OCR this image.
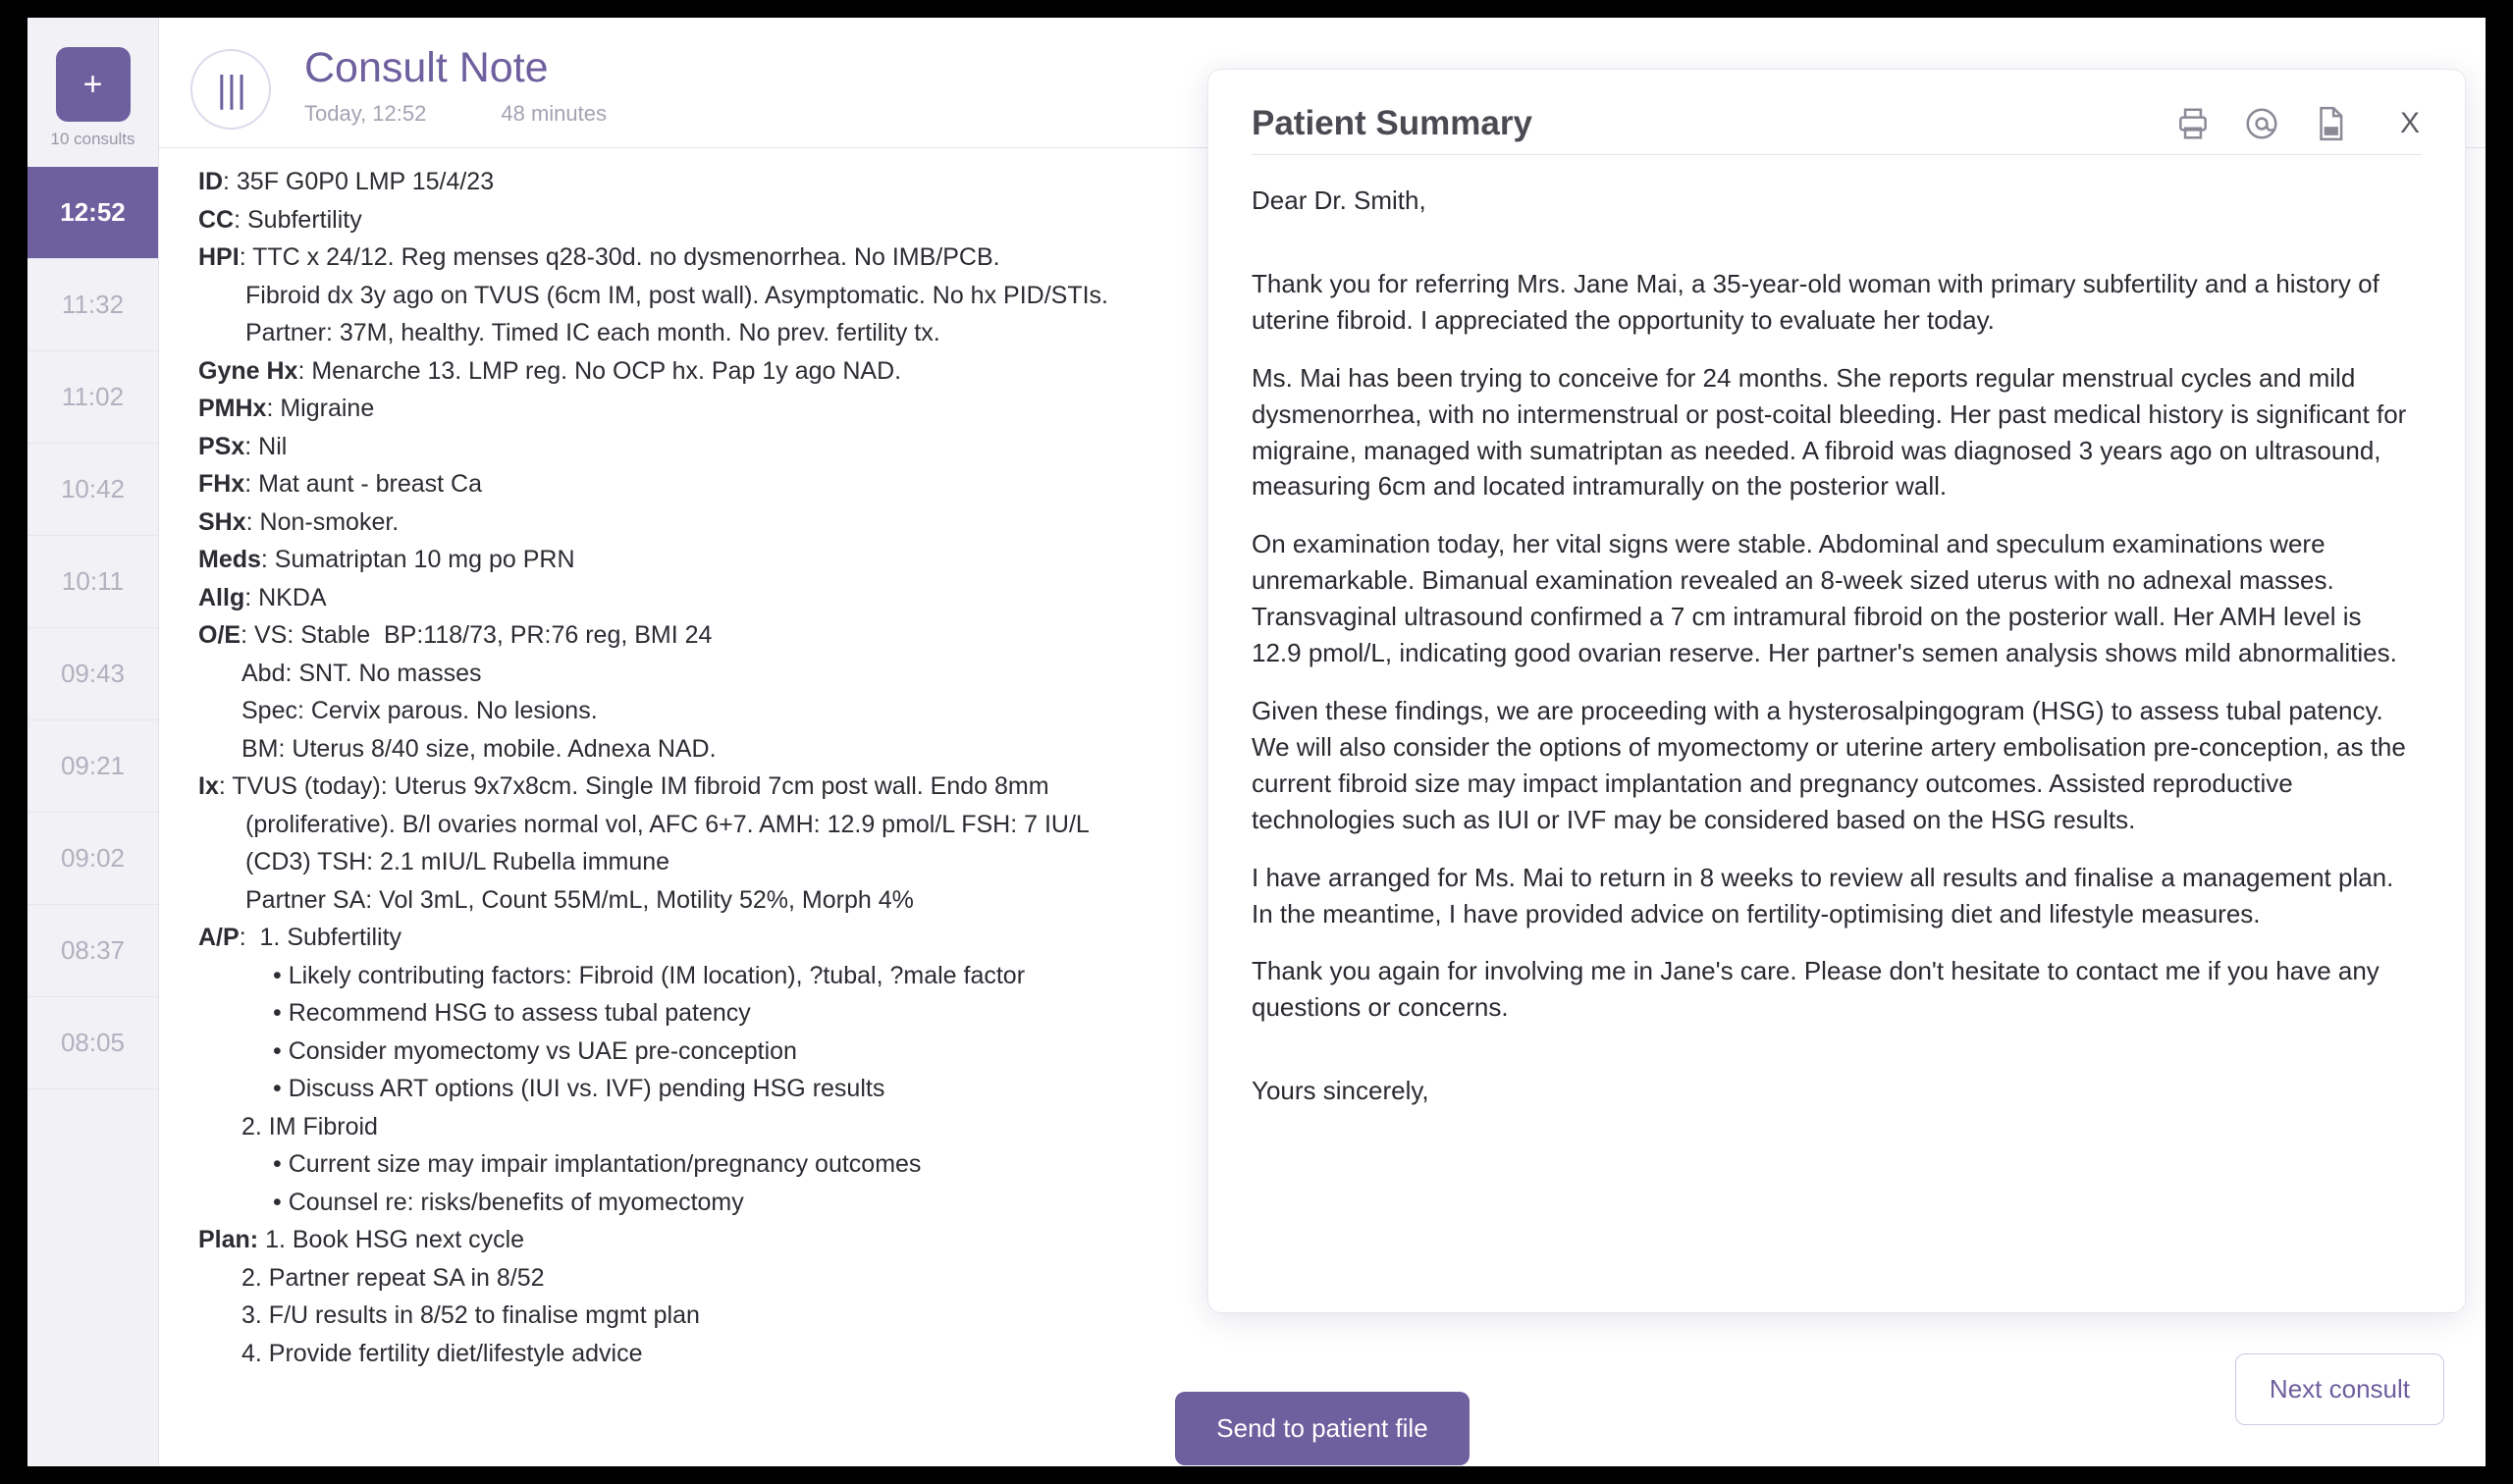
+
10 consults
12:52
11:32
11:02
10:42
10:11
09:43
09:21
09:02
08:37
08:05
|||	Consult Note
Today, 12:52	48 minutes
ID: 35F G0P0 LMP 15/4/23
CC: Subfertility
HPI: TTC x 24/12. Reg menses q28-30d. no dysmenorrhea. No IMB/PCB.
Fibroid dx 3y ago on TVUS (6cm IM, post wall). Asymptomatic. No hx PID/STIs.
Partner: 37M, healthy. Timed IC each month. No prev. fertility tx.
Gyne Hx: Menarche 13. LMP reg. No OCP hx. Pap 1y ago NAD.
PMHx: Migraine
PSx: Nil
FHx: Mat aunt - breast Ca
SHx: Non-smoker.
Meds: Sumatriptan 10 mg po PRN
Allg: NKDA
O/E: VS: Stable  BP:118/73, PR:76 reg, BMI 24
Abd: SNT. No masses
Spec: Cervix parous. No lesions.
BM: Uterus 8/40 size, mobile. Adnexa NAD.
Ix: TVUS (today): Uterus 9x7x8cm. Single IM fibroid 7cm post wall. Endo 8mm
(proliferative). B/l ovaries normal vol, AFC 6+7. AMH: 12.9 pmol/L FSH: 7 IU/L
(CD3) TSH: 2.1 mIU/L Rubella immune
Partner SA: Vol 3mL, Count 55M/mL, Motility 52%, Morph 4%
A/P:  1. Subfertility
• Likely contributing factors: Fibroid (IM location), ?tubal, ?male factor
• Recommend HSG to assess tubal patency
• Consider myomectomy vs UAE pre-conception
• Discuss ART options (IUI vs. IVF) pending HSG results
2. IM Fibroid
• Current size may impair implantation/pregnancy outcomes
• Counsel re: risks/benefits of myomectomy
Plan: 1. Book HSG next cycle
2. Partner repeat SA in 8/52
3. F/U results in 8/52 to finalise mgmt plan
4. Provide fertility diet/lifestyle advice
Send to patient file
Patient Summary	X

Dear Dr. Smith,

Thank you for referring Mrs. Jane Mai, a 35-year-old woman with primary subfertility and a history of uterine fibroid. I appreciated the opportunity to evaluate her today.

Ms. Mai has been trying to conceive for 24 months. She reports regular menstrual cycles and mild dysmenorrhea, with no intermenstrual or post-coital bleeding. Her past medical history is significant for migraine, managed with sumatriptan as needed. A fibroid was diagnosed 3 years ago on ultrasound, measuring 6cm and located intramurally on the posterior wall.

On examination today, her vital signs were stable. Abdominal and speculum examinations were unremarkable. Bimanual examination revealed an 8-week sized uterus with no adnexal masses. Transvaginal ultrasound confirmed a 7 cm intramural fibroid on the posterior wall. Her AMH level is 12.9 pmol/L, indicating good ovarian reserve. Her partner's semen analysis shows mild abnormalities.

Given these findings, we are proceeding with a hysterosalpingogram (HSG) to assess tubal patency. We will also consider the options of myomectomy or uterine artery embolisation pre-conception, as the current fibroid size may impact implantation and pregnancy outcomes. Assisted reproductive technologies such as IUI or IVF may be considered based on the HSG results.

I have arranged for Ms. Mai to return in 8 weeks to review all results and finalise a management plan. In the meantime, I have provided advice on fertility-optimising diet and lifestyle measures.

Thank you again for involving me in Jane's care. Please don't hesitate to contact me if you have any questions or concerns.

Yours sincerely,

Next consult
